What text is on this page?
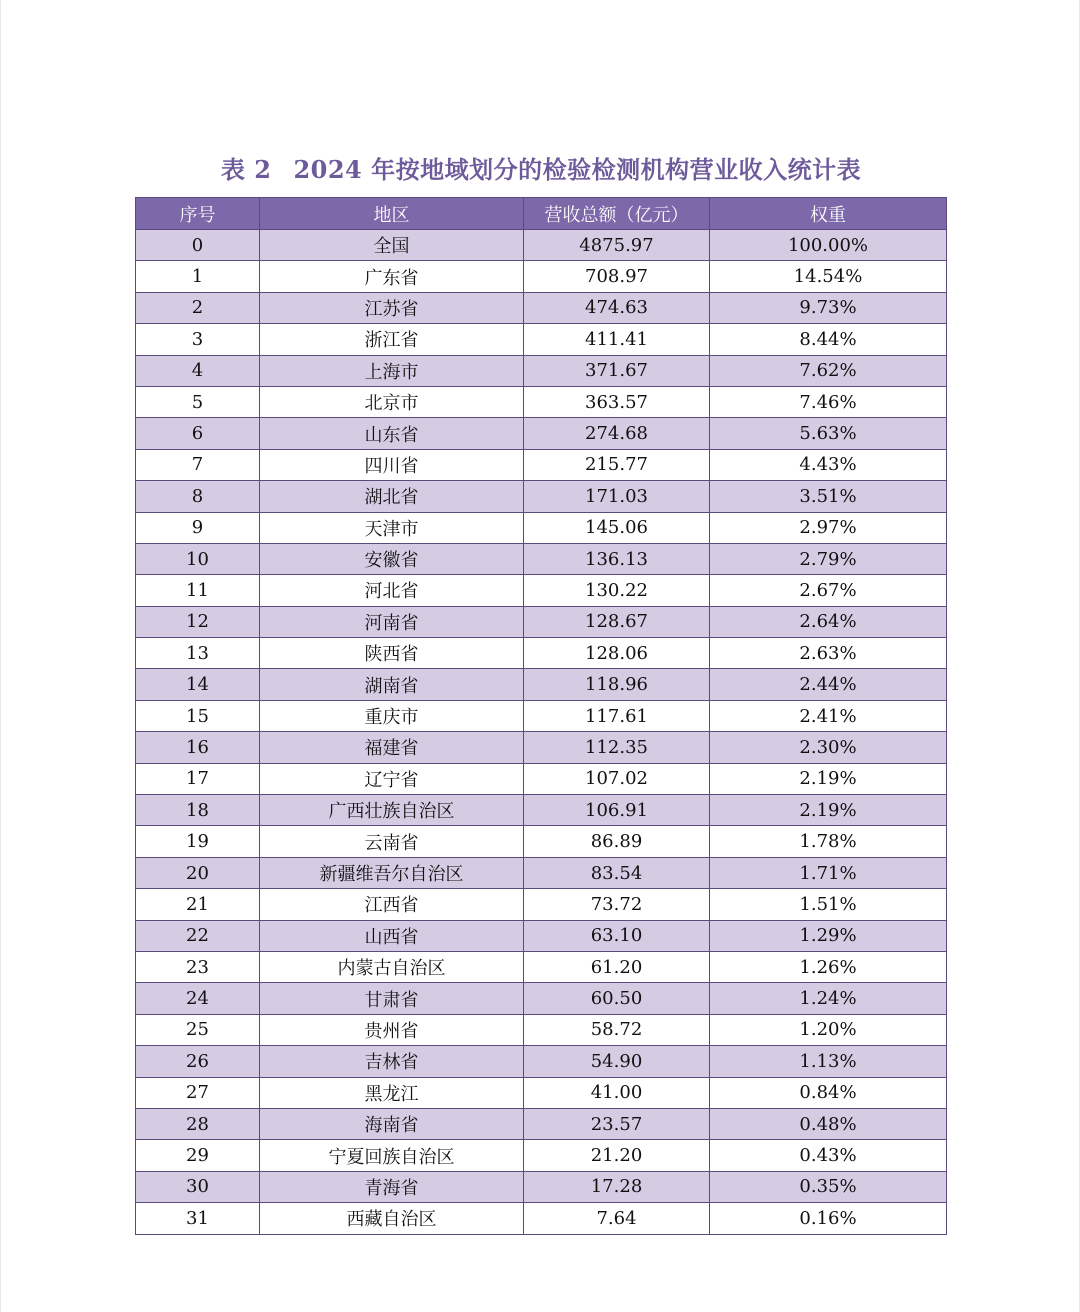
表 2 2024 年按地域划分的检验检测机构营业收入统计表
序号	地区	营收总额（亿元）	权重
0	全国	4875.97	100.00%
1	广东省	708.97	14.54%
2	江苏省	474.63	9.73%
3	浙江省	411.41	8.44%
4	上海市	371.67	7.62%
5	北京市	363.57	7.46%
6	山东省	274.68	5.63%
7	四川省	215.77	4.43%
8	湖北省	171.03	3.51%
9	天津市	145.06	2.97%
10	安徽省	136.13	2.79%
11	河北省	130.22	2.67%
12	河南省	128.67	2.64%
13	陕西省	128.06	2.63%
14	湖南省	118.96	2.44%
15	重庆市	117.61	2.41%
16	福建省	112.35	2.30%
17	辽宁省	107.02	2.19%
18	广西壮族自治区	106.91	2.19%
19	云南省	86.89	1.78%
20	新疆维吾尔自治区	83.54	1.71%
21	江西省	73.72	1.51%
22	山西省	63.10	1.29%
23	内蒙古自治区	61.20	1.26%
24	甘肃省	60.50	1.24%
25	贵州省	58.72	1.20%
26	吉林省	54.90	1.13%
27	黑龙江	41.00	0.84%
28	海南省	23.57	0.48%
29	宁夏回族自治区	21.20	0.43%
30	青海省	17.28	0.35%
31	西藏自治区	7.64	0.16%
